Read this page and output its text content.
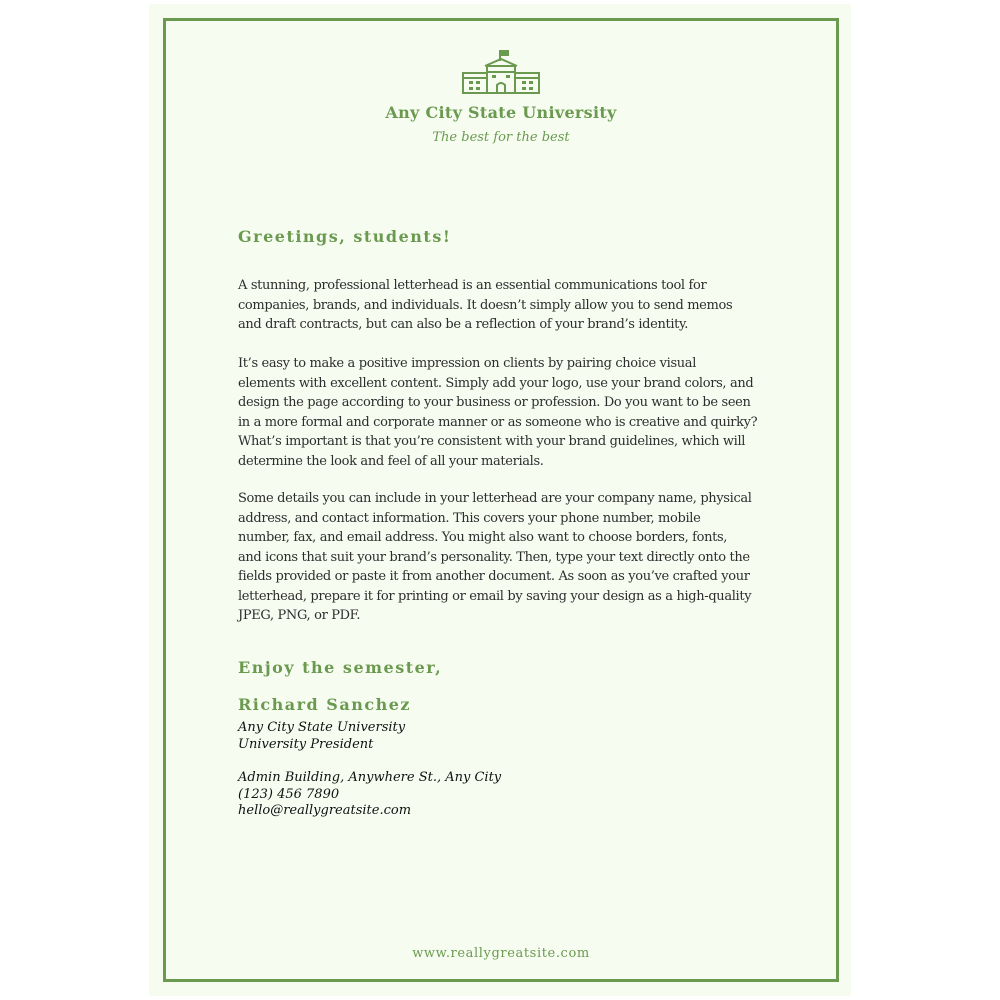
Any City State University
The best for the best
Greetings, students!

A stunning, professional letterhead is an essential communications tool for
companies, brands, and individuals. It doesn’t simply allow you to send memos
and draft contracts, but can also be a reflection of your brand’s identity.

It’s easy to make a positive impression on clients by pairing choice visual
elements with excellent content. Simply add your logo, use your brand colors, and
design the page according to your business or profession. Do you want to be seen
in a more formal and corporate manner or as someone who is creative and quirky?
What’s important is that you’re consistent with your brand guidelines, which will
determine the look and feel of all your materials.

Some details you can include in your letterhead are your company name, physical
address, and contact information. This covers your phone number, mobile
number, fax, and email address. You might also want to choose borders, fonts,
and icons that suit your brand’s personality. Then, type your text directly onto the
fields provided or paste it from another document. As soon as you’ve crafted your
letterhead, prepare it for printing or email by saving your design as a high-quality
JPEG, PNG, or PDF.

Enjoy the semester,
Richard Sanchez
Any City State University
University President
Admin Building, Anywhere St., Any City
(123) 456 7890
hello@reallygreatsite.com
www.reallygreatsite.com
